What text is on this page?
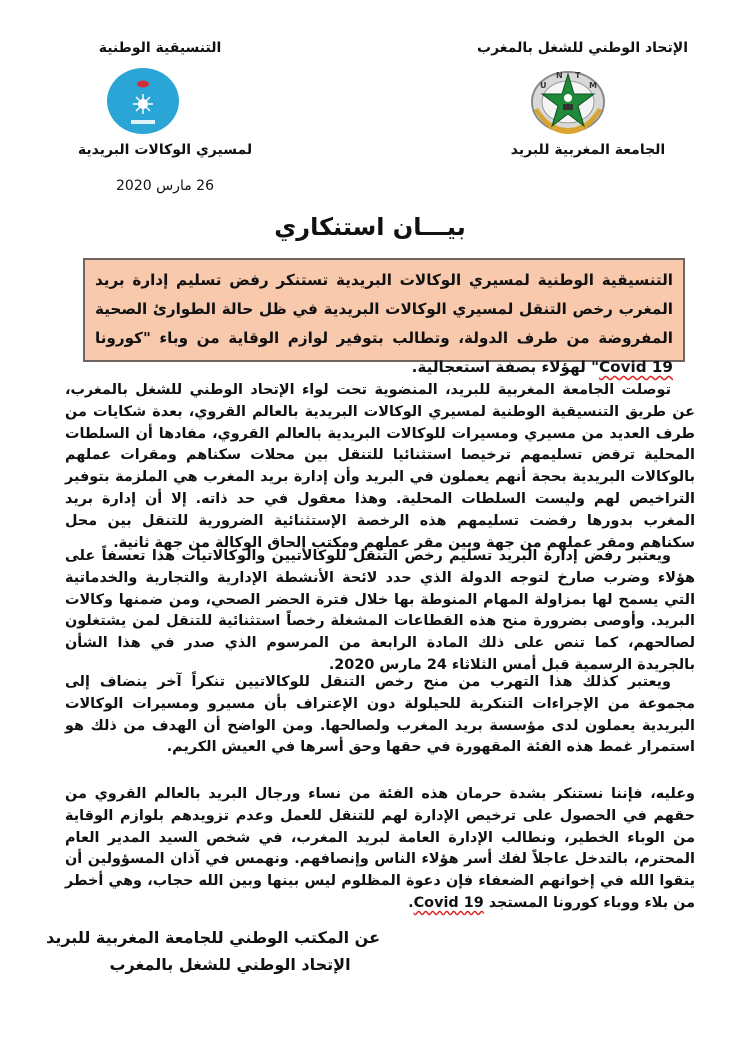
الإتحاد الوطني للشغل بالمغرب
U
N T
M
الجامعة المغربية للبريد
التنسيقية الوطنية
لمسيري الوكالات البريدية
26 مارس 2020
بيـــان استنكاري

التنسيقية الوطنية لمسيري الوكالات البريدية تستنكر رفض تسليم إدارة بريد المغرب رخص التنقل لمسيري الوكالات البريدية في ظل حالة الطوارئ الصحية المفروضة من طرف الدولة، وتطالب بتوفير لوازم الوقاية من وباء "كورونا Covid 19" لهؤلاء بصفة استعجالية.

توصلت الجامعة المغربية للبريد، المنضوية تحت لواء الإتحاد الوطني للشغل بالمغرب، عن طريق التنسيقية الوطنية لمسيري الوكالات البريدية بالعالم القروي، بعدة شكايات من طرف العديد من مسيري ومسيرات للوكالات البريدية بالعالم القروي، مفادها أن السلطات المحلية ترفض تسليمهم ترخيصا استثنائيا للتنقل بين محلات سكناهم ومقرات عملهم بالوكالات البريدية بحجة أنهم يعملون في البريد وأن إدارة بريد المغرب هي الملزمة بتوفير التراخيص لهم وليست السلطات المحلية. وهذا معقول في حد ذاته. إلا أن إدارة بريد المغرب بدورها رفضت تسليمهم هذه الرخصة الإستثنائية الضرورية للتنقل بين محل سكناهم ومقر عملهم من جهة وبين مقر عملهم ومكتب إلحاق الوكالة من جهة ثانية.

ويعتبر رفض إدارة البريد تسليم رخص التنقل للوكالاتيين والوكالاتيات هذا تعسفاً على هؤلاء وضرب صارخ لتوجه الدولة الذي حدد لائحة الأنشطة الإدارية والتجارية والخدماتية التي يسمح لها بمزاولة المهام المنوطة بها خلال فترة الحضر الصحي، ومن ضمنها وكالات البريد. وأوصى بضرورة منح هذه القطاعات المشغلة رخصاً استثنائية للتنقل لمن يشتغلون لصالحهم، كما تنص على ذلك المادة الرابعة من المرسوم الذي صدر في هذا الشأن بالجريدة الرسمية قبل أمس الثلاثاء 24 مارس 2020.

ويعتبر كذلك هذا التهرب من منح رخص التنقل للوكالاتيين تنكراً آخر ينضاف إلى مجموعة من الإجراءات التنكرية للحيلولة دون الإعتراف بأن مسيرو ومسيرات الوكالات البريدية يعملون لدى مؤسسة بريد المغرب ولصالحها. ومن الواضح أن الهدف من ذلك هو استمرار غمط هذه الفئة المقهورة في حقها وحق أسرها في العيش الكريم.

وعليه، فإننا نستنكر بشدة حرمان هذه الفئة من نساء ورجال البريد بالعالم القروي من حقهم في الحصول على ترخيص الإدارة لهم للتنقل للعمل وعدم تزويدهم بلوازم الوقاية من الوباء الخطير، ونطالب الإدارة العامة لبريد المغرب، في شخص السيد المدير العام المحترم، بالتدخل عاجلاً لفك أسر هؤلاء الناس وإنصافهم. ونهمس في آذان المسؤولين أن يتقوا الله في إخوانهم الضعفاء فإن دعوة المظلوم ليس بينها وبين الله حجاب، وهي أخطر من بلاء ووباء كورونا المستجد Covid 19.

عن المكتب الوطني للجامعة المغربية للبريد
الإتحاد الوطني للشغل بالمغرب
